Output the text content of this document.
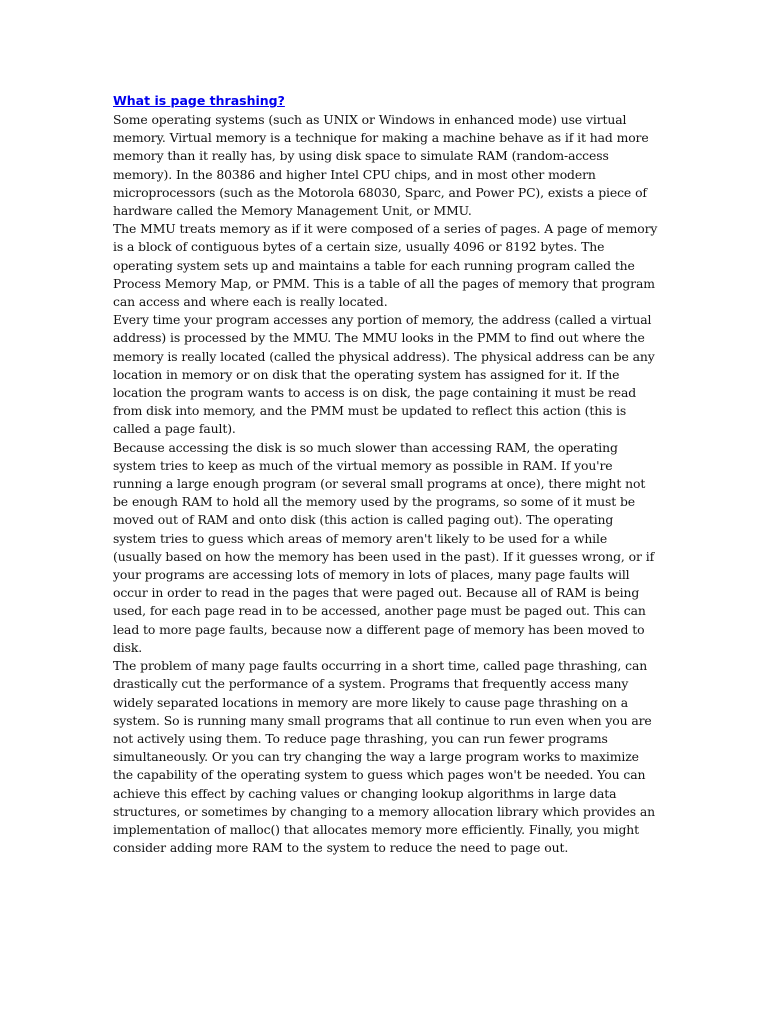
What is page thrashing?

Some operating systems (such as UNIX or Windows in enhanced mode) use virtual memory. Virtual memory is a technique for making a machine behave as if it had more memory than it really has, by using disk space to simulate RAM (random-access memory). In the 80386 and higher Intel CPU chips, and in most other modern microprocessors (such as the Motorola 68030, Sparc, and Power PC), exists a piece of hardware called the Memory Management Unit, or MMU.

The MMU treats memory as if it were composed of a series of pages. A page of memory is a block of contiguous bytes of a certain size, usually 4096 or 8192 bytes. The operating system sets up and maintains a table for each running program called the Process Memory Map, or PMM. This is a table of all the pages of memory that program can access and where each is really located.

Every time your program accesses any portion of memory, the address (called a virtual address) is processed by the MMU. The MMU looks in the PMM to find out where the memory is really located (called the physical address). The physical address can be any location in memory or on disk that the operating system has assigned for it. If the location the program wants to access is on disk, the page containing it must be read from disk into memory, and the PMM must be updated to reflect this action (this is called a page fault).

Because accessing the disk is so much slower than accessing RAM, the operating system tries to keep as much of the virtual memory as possible in RAM. If you're running a large enough program (or several small programs at once), there might not be enough RAM to hold all the memory used by the programs, so some of it must be moved out of RAM and onto disk (this action is called paging out). The operating system tries to guess which areas of memory aren't likely to be used for a while (usually based on how the memory has been used in the past). If it guesses wrong, or if your programs are accessing lots of memory in lots of places, many page faults will occur in order to read in the pages that were paged out. Because all of RAM is being used, for each page read in to be accessed, another page must be paged out. This can lead to more page faults, because now a different page of memory has been moved to disk.

The problem of many page faults occurring in a short time, called page thrashing, can drastically cut the performance of a system. Programs that frequently access many widely separated locations in memory are more likely to cause page thrashing on a system. So is running many small programs that all continue to run even when you are not actively using them. To reduce page thrashing, you can run fewer programs simultaneously. Or you can try changing the way a large program works to maximize the capability of the operating system to guess which pages won't be needed. You can achieve this effect by caching values or changing lookup algorithms in large data structures, or sometimes by changing to a memory allocation library which provides an implementation of malloc() that allocates memory more efficiently. Finally, you might consider adding more RAM to the system to reduce the need to page out.
